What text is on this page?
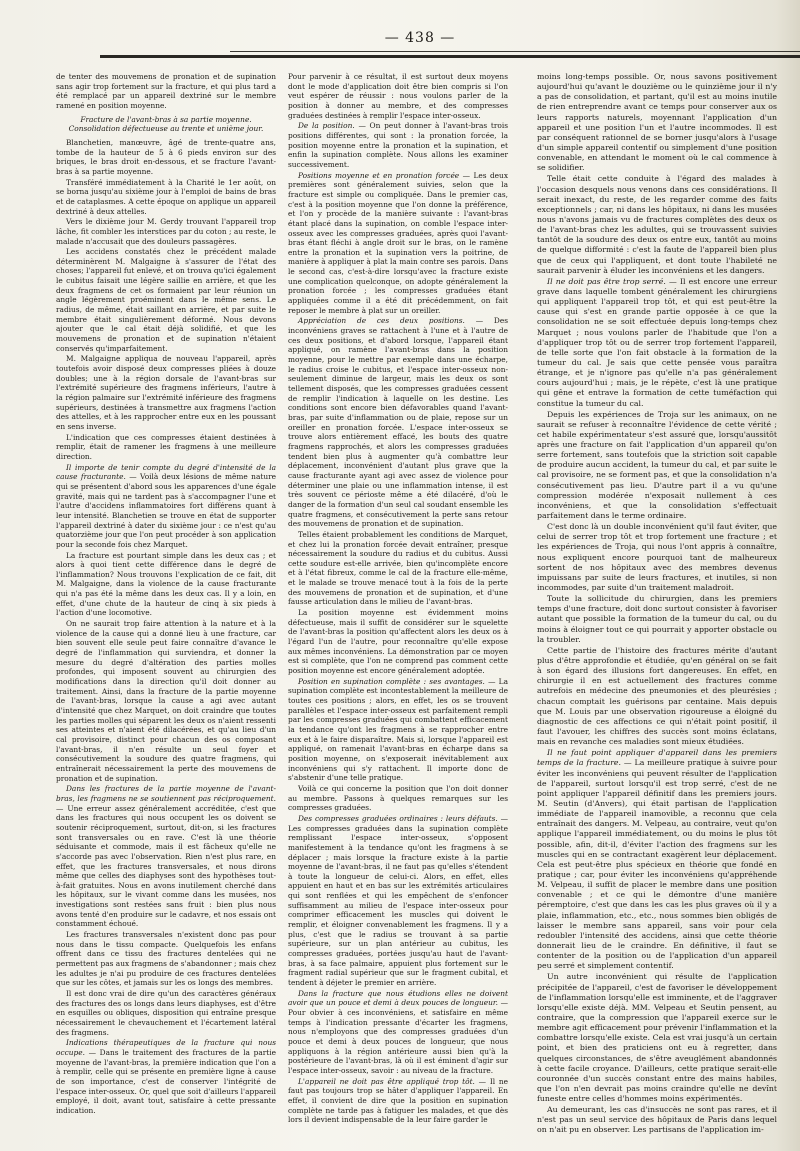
— 438 —

de tenter des mouvemens de pronation et de supination sans agir trop fortement sur la fracture, et qui plus tard a été remplacé par un appareil dextriné sur le membre ramené en position moyenne.

Fracture de l'avant-bras à sa partie moyenne. Consolidation défectueuse au trente et unième jour.

Blanchetien, manœuvre, âgé de trente-quatre ans, tombe de la hauteur de 5 à 6 pieds environ sur des briques, le bras droit en-dessous, et se fracture l'avant-bras à sa partie moyenne.

Transféré immédiatement à la Charité le 1er août, on se borna jusqu'au sixième jour à l'emploi de bains de bras et de cataplasmes. A cette époque on applique un appareil dextriné à deux attelles.

Vers le dixième jour M. Gerdy trouvant l'appareil trop lâche, fit combler les interstices par du coton ; au reste, le malade n'accusait que des douleurs passagères.

Les accidens constatés chez le précédent malade déterminèrent M. Malgaigne à s'assurer de l'état des choses; l'appareil fut enlevé, et on trouva qu'ici également le cubitus faisait une légère saillie en arrière, et que les deux fragmens de cet os formaient par leur réunion un angle légèrement proéminent dans le même sens. Le radius, de même, était saillant en arrière, et par suite le membre était singulièrement déformé. Nous devons ajouter que le cal était déjà solidifié, et que les mouvemens de pronation et de supination n'étaient conservés qu'imparfaitement.

M. Malgaigne appliqua de nouveau l'appareil, après toutefois avoir disposé deux compresses pliées à douze doubles; une à la région dorsale de l'avant-bras sur l'extrémité supérieure des fragmens inférieurs, l'autre à la région palmaire sur l'extrémité inférieure des fragmens supérieurs, destinées à transmettre aux fragmens l'action des attelles, et à les rapprocher entre eux en les poussant en sens inverse.

L'indication que ces compresses étaient destinées à remplir, était de ramener les fragmens à une meilleure direction.

Il importe de tenir compte du degré d'intensité de la cause fracturante. — Voilà deux lésions de même nature qui se présentent d'abord sous les apparences d'une égale gravité, mais qui ne tardent pas à s'accompagner l'une et l'autre d'accidens inflammatoires fort différens quant à leur intensité. Blanchetien se trouve en état de supporter l'appareil dextriné à dater du sixième jour : ce n'est qu'au quatorzième jour que l'on peut procéder à son application pour la seconde fois chez Marquet.

La fracture est pourtant simple dans les deux cas ; et alors à quoi tient cette différence dans le degré de l'inflammation? Nous trouvons l'explication de ce fait, dit M. Malgaigne, dans la violence de la cause fracturante qui n'a pas été la même dans les deux cas. Il y a loin, en effet, d'une chute de la hauteur de cinq à six pieds à l'action d'une locomotive.

On ne saurait trop faire attention à la nature et à la violence de la cause qui a donné lieu à une fracture, car bien souvent elle seule peut faire connaître d'avance le degré de l'inflammation qui surviendra, et donner la mesure du degré d'altération des parties molles profondes, qui imposent souvent au chirurgien des modifications dans la direction qu'il doit donner au traitement. Ainsi, dans la fracture de la partie moyenne de l'avant-bras, lorsque la cause a agi avec autant d'intensité que chez Marquet, on doit craindre que toutes les parties molles qui séparent les deux os n'aient ressenti ses atteintes et n'aient été dilacérées, et qu'au lieu d'un cal provisoire, distinct pour chacun des os composant l'avant-bras, il n'en résulte un seul foyer et consécutivement la soudure des quatre fragmens, qui entraînerait nécessairement la perte des mouvemens de pronation et de supination.

Dans les fractures de la partie moyenne de l'avant-bras, les fragmens ne se soutiennent pas réciproquement. — Une erreur assez généralement accréditée, c'est que dans les fractures qui nous occupent les os doivent se soutenir réciproquement, surtout, dit-on, si les fractures sont transversales ou en rave. C'est là une théorie séduisante et commode, mais il est fâcheux qu'elle ne s'accorde pas avec l'observation. Rien n'est plus rare, en effet, que les fractures transversales, et nous dirons même que celles des diaphyses sont des hypothèses tout-à-fait gratuites. Nous en avons inutilement cherché dans les hôpitaux, sur le vivant comme dans les musées, nos investigations sont restées sans fruit : bien plus nous avons tenté d'en produire sur le cadavre, et nos essais ont constamment échoué.

Les fractures transversales n'existent donc pas pour nous dans le tissu compacte. Quelquefois les enfans offrent dans ce tissu des fractures dentelées qui ne permettent pas aux fragmens de s'abandonner ; mais chez les adultes je n'ai pu produire de ces fractures dentelées que sur les côtes, et jamais sur les os longs des membres.

Il est donc vrai de dire qu'un des caractères généraux des fractures des os longs dans leurs diaphyses, est d'être en esquilles ou obliques, disposition qui entraîne presque nécessairement le chevauchement et l'écartement latéral des fragmens.

Indications thérapeutiques de la fracture qui nous occupe. — Dans le traitement des fractures de la partie moyenne de l'avant-bras, la première indication que l'on a à remplir, celle qui se présente en première ligne à cause de son importance, c'est de conserver l'intégrité de l'espace inter-osseux. Or, quel que soit d'ailleurs l'appareil employé, il doit, avant tout, satisfaire à cette pressante indication.

Pour parvenir à ce résultat, il est surtout deux moyens dont le mode d'application doit être bien compris si l'on veut espérer de réussir : nous voulons parler de la position à donner au membre, et des compresses graduées destinées à remplir l'espace inter-osseux.

De la position. — On peut donner à l'avant-bras trois positions différentes, qui sont : la pronation forcée, la position moyenne entre la pronation et la supination, et enfin la supination complète. Nous allons les examiner successivement.

Positions moyenne et en pronation forcée — Les deux premières sont généralement suivies, selon que la fracture est simple ou compliquée. Dans le premier cas, c'est à la position moyenne que l'on donne la préférence, et l'on y procède de la manière suivante : l'avant-bras étant placé dans la supination, on comble l'espace inter-osseux avec les compresses graduées, après quoi l'avant-bras étant fléchi à angle droit sur le bras, on le ramène entre la pronation et la supination vers la poitrine, de manière à appliquer à plat la main contre ses parois. Dans le second cas, c'est-à-dire lorsqu'avec la fracture existe une complication quelconque, on adopte généralement la pronation forcée ; les compresses graduées étant appliquées comme il a été dit précédemment, on fait reposer le membre à plat sur un oreiller.

Appréciation de ces deux positions. — Des inconvéniens graves se rattachent à l'une et à l'autre de ces deux positions, et d'abord lorsque, l'appareil étant appliqué, on ramène l'avant-bras dans la position moyenne, pour le mettre par exemple dans une écharpe, le radius croise le cubitus, et l'espace inter-osseux non-seulement diminue de largeur, mais les deux os sont tellement disposés, que les compresses graduées cessent de remplir l'indication à laquelle on les destine. Les conditions sont encore bien défavorables quand l'avant-bras, par suite d'inflammation ou de plaie, repose sur un oreiller en pronation forcée. L'espace inter-osseux se trouve alors entièrement effacé, les bouts des quatre fragmens rapprochés, et alors les compresses graduées tendent bien plus à augmenter qu'à combattre leur déplacement, inconvénient d'autant plus grave que la cause fracturante ayant agi avec assez de violence pour déterminer une plaie ou une inflammation intense, il est très souvent ce périoste même a été dilacéré, d'où le danger de la formation d'un seul cal soudant ensemble les quatre fragmens, et consécutivement la perte sans retour des mouvemens de pronation et de supination.

Telles étaient probablement les conditions de Marquet, et chez lui la pronation forcée devait entraîner, presque nécessairement la soudure du radius et du cubitus. Aussi cette soudure est-elle arrivée, bien qu'incomplète encore et à l'état fibreux, comme le cal de la fracture elle-même, et le malade se trouve menacé tout à la fois de la perte des mouvemens de pronation et de supination, et d'une fausse articulation dans le milieu de l'avant-bras.

La position moyenne est évidemment moins défectueuse, mais il suffit de considérer sur le squelette de l'avant-bras la position qu'affectent alors les deux os à l'égard l'un de l'autre, pour reconnaître qu'elle expose aux mêmes inconvéniens. La démonstration par ce moyen est si complète, que l'on ne comprend pas comment cette position moyenne est encore généralement adoptée.

Position en supination complète : ses avantages. — La supination complète est incontestablement la meilleure de toutes ces positions ; alors, en effet, les os se trouvent parallèles et l'espace inter-osseux est parfaitement rempli par les compresses graduées qui combattent efficacement la tendance qu'ont les fragmens à se rapprocher entre eux et à le faire disparaître. Mais si, lorsque l'appareil est appliqué, on ramenait l'avant-bras en écharpe dans sa position moyenne, on s'exposerait inévitablement aux inconvéniens qui s'y rattachent. Il importe donc de s'abstenir d'une telle pratique.

Voilà ce qui concerne la position que l'on doit donner au membre. Passons à quelques remarques sur les compresses graduées.

Des compresses graduées ordinaires : leurs défauts. — Les compresses graduées dans la supination complète remplissant l'espace inter-osseux, s'opposent manifestement à la tendance qu'ont les fragmens à se déplacer ; mais lorsque la fracture existe à la partie moyenne de l'avant-bras, il ne faut pas qu'elles s'étendent à toute la longueur de celui-ci. Alors, en effet, elles appuient en haut et en bas sur les extrémités articulaires qui sont renflées et qui les empêchent de s'enfoncer suffisamment au milieu de l'espace inter-osseux pour comprimer efficacement les muscles qui doivent le remplir, et éloigner convenablement les fragmens. Il y a plus, c'est que le radius se trouvant à sa partie supérieure, sur un plan antérieur au cubitus, les compresses graduées, portées jusqu'au haut de l'avant-bras, à sa face palmaire, appuient plus fortement sur le fragment radial supérieur que sur le fragment cubital, et tendent à déjeter le premier en arrière.

Dans la fracture que nous étudions elles ne doivent avoir que un pouce et demi à deux pouces de longueur. — Pour obvier à ces inconvéniens, et satisfaire en même temps à l'indication pressante d'écarter les fragmens, nous n'employons que des compresses graduées d'un pouce et demi à deux pouces de longueur, que nous appliquons à la région antérieure aussi bien qu'à la postérieure de l'avant-bras, là où il est éminent d'agir sur l'espace inter-osseux, savoir : au niveau de la fracture.

L'appareil ne doit pas être appliqué trop tôt. — Il ne faut pas toujours trop se hâter d'appliquer l'appareil. En effet, il convient de dire que la position en supination complète ne tarde pas à fatiguer les malades, et que dès lors il devient indispensable de la leur faire garder le

moins long-temps possible. Or, nous savons positivement aujourd'hui qu'avant le douzième ou le quinzième jour il n'y a pas de consolidation, et partant, qu'il est au moins inutile de rien entreprendre avant ce temps pour conserver aux os leurs rapports naturels, moyennant l'application d'un appareil et une position l'un et l'autre incommodes. Il est par conséquent rationnel de se borner jusqu'alors à l'usage d'un simple appareil contentif ou simplement d'une position convenable, en attendant le moment où le cal commence à se solidifier.

Telle était cette conduite à l'égard des malades à l'occasion desquels nous venons dans ces considérations. Il serait inexact, du reste, de les regarder comme des faits exceptionnels ; car, ni dans les hôpitaux, ni dans les musées nous n'avons jamais vu de fractures complètes des deux os de l'avant-bras chez les adultes, qui se trouvassent suivies tantôt de la soudure des deux os entre eux, tantôt au moins de quelque difformité : c'est la faute de l'appareil bien plus que de ceux qui l'appliquent, et dont toute l'habileté ne saurait parvenir à éluder les inconvéniens et les dangers.

Il ne doit pas être trop serré. — Il est encore une erreur grave dans laquelle tombent généralement les chirurgiens qui appliquent l'appareil trop tôt, et qui est peut-être la cause qui s'est en grande partie opposée à ce que la consolidation ne se soit effectuée depuis long-temps chez Marquet ; nous voulons parler de l'habitude que l'on a d'appliquer trop tôt ou de serrer trop fortement l'appareil, de telle sorte que l'on fait obstacle à la formation de la tumeur du cal. Je sais que cette pensée vous paraîtra étrange, et je n'ignore pas qu'elle n'a pas généralement cours aujourd'hui ; mais, je le répète, c'est là une pratique qui gêne et entrave la formation de cette tuméfaction qui constitue la tumeur du cal.

Depuis les expériences de Troja sur les animaux, on ne saurait se refuser à reconnaître l'évidence de cette vérité ; cet habile expérimentateur s'est assuré que, lorsqu'aussitôt après une fracture on fait l'application d'un appareil qu'on serre fortement, sans toutefois que la striction soit capable de produire aucun accident, la tumeur du cal, et par suite le cal provisoire, ne se forment pas, et que la consolidation n'a consécutivement pas lieu. D'autre part il a vu qu'une compression modérée n'exposait nullement à ces inconvéniens, et que la consolidation s'effectuait parfaitement dans le terme ordinaire.

C'est donc là un double inconvénient qu'il faut éviter, que celui de serrer trop tôt et trop fortement une fracture ; et les expériences de Troja, qui nous l'ont appris à connaître, nous expliquent encore pourquoi tant de malheureux sortent de nos hôpitaux avec des membres devenus impuissans par suite de leurs fractures, et inutiles, si non incommodes, par suite d'un traitement maladroit.

Toute la sollicitude du chirurgien, dans les premiers temps d'une fracture, doit donc surtout consister à favoriser autant que possible la formation de la tumeur du cal, ou du moins à éloigner tout ce qui pourrait y apporter obstacle ou la troubler.

Cette partie de l'histoire des fractures mérite d'autant plus d'être approfondie et étudiée, qu'en général on se fait à son égard des illusions fort dangereuses. En effet, en chirurgie il en est actuellement des fractures comme autrefois en médecine des pneumonies et des pleurésies ; chacun comptait les guérisons par centaine. Mais depuis que M. Louis par une observation rigoureuse a éloigné du diagnostic de ces affections ce qui n'était point positif, il faut l'avouer, les chiffres des succès sont moins éclatans, mais en revanche ces maladies sont mieux étudiées.

Il ne faut point appliquer d'appareil dans les premiers temps de la fracture. — La meilleure pratique à suivre pour éviter les inconvéniens qui peuvent résulter de l'application de l'appareil, surtout lorsqu'il est trop serré, c'est de ne point appliquer l'appareil définitif dans les premiers jours. M. Seutin (d'Anvers), qui était partisan de l'application immédiate de l'appareil inamovible, a reconnu que cela entraînait des dangers. M. Velpeau, au contraire, veut qu'on applique l'appareil immédiatement, ou du moins le plus tôt possible, afin, dit-il, d'éviter l'action des fragmens sur les muscles qui en se contractant exagèrent leur déplacement. Cela est peut-être plus spécieux en théorie que fondé en pratique ; car, pour éviter les inconvéniens qu'appréhende M. Velpeau, il suffit de placer le membre dans une position convenable ; et ce qui le démontre d'une manière péremptoire, c'est que dans les cas les plus graves où il y a plaie, inflammation, etc., etc., nous sommes bien obligés de laisser le membre sans appareil, sans voir pour cela redoubler l'intensité des accidens, ainsi que cette théorie donnerait lieu de le craindre. En définitive, il faut se contenter de la position ou de l'application d'un appareil peu serré et simplement contentif.

Un autre inconvénient qui résulte de l'application précipitée de l'appareil, c'est de favoriser le développement de l'inflammation lorsqu'elle est imminente, et de l'aggraver lorsqu'elle existe déjà. MM. Velpeau et Seutin pensent, au contraire, que la compression que l'appareil exerce sur le membre agit efficacement pour prévenir l'inflammation et la combattre lorsqu'elle existe. Cela est vrai jusqu'à un certain point, et bien des praticiens ont eu à regretter, dans quelques circonstances, de s'être aveuglément abandonnés à cette facile croyance. D'ailleurs, cette pratique serait-elle couronnée d'un succès constant entre des mains habiles, que l'on n'en devrait pas moins craindre qu'elle ne devînt funeste entre celles d'hommes moins expérimentés.

Au demeurant, les cas d'insuccès ne sont pas rares, et il n'est pas un seul service des hôpitaux de Paris dans lequel on n'ait pu en observer. Les partisans de l'application im-
